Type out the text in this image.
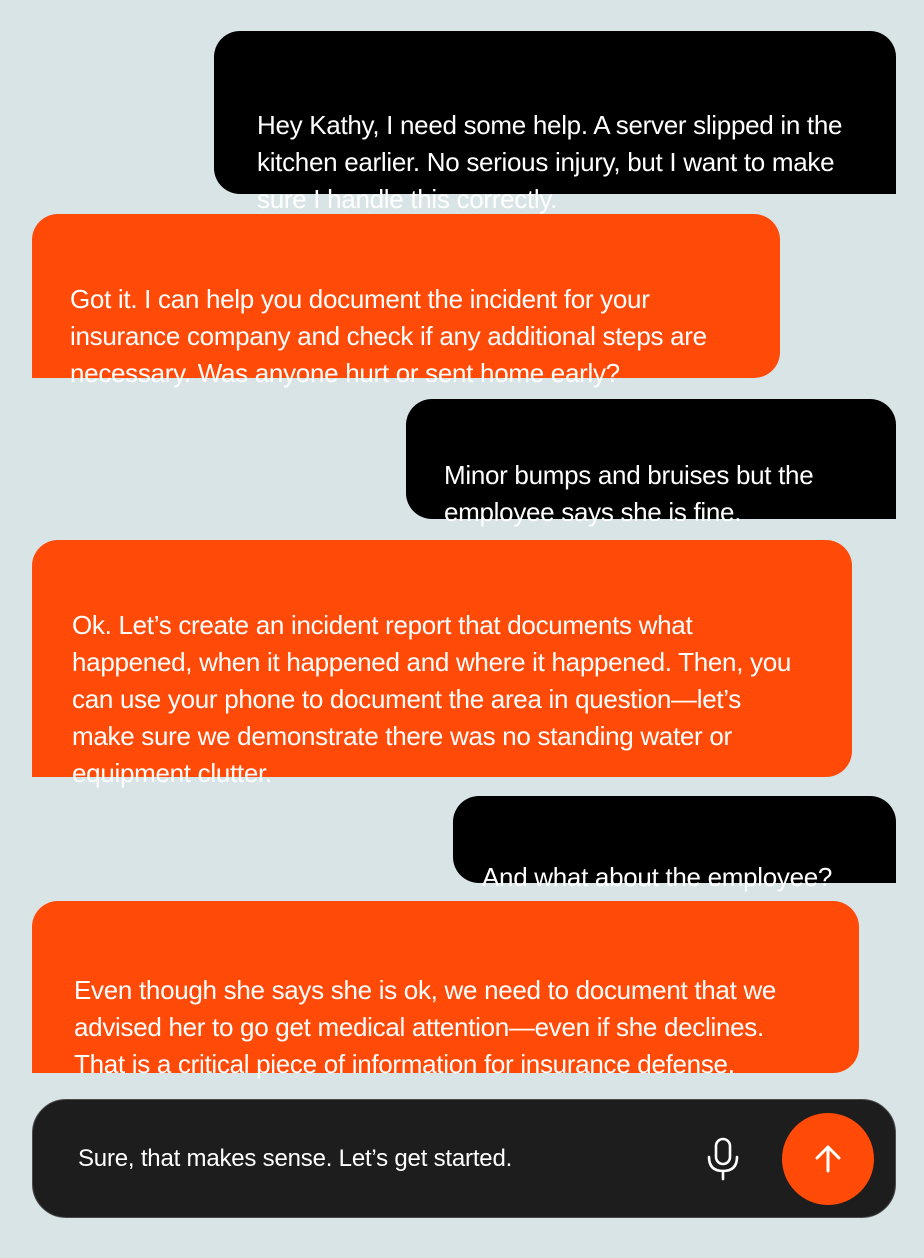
Hey Kathy, I need some help. A server slipped in the
kitchen earlier. No serious injury, but I want to make
sure I handle this correctly.

Got it. I can help you document the incident for your
insurance company and check if any additional steps are
necessary. Was anyone hurt or sent home early?

Minor bumps and bruises but the
employee says she is fine.

Ok. Let’s create an incident report that documents what
happened, when it happened and where it happened. Then, you
can use your phone to document the area in question—let’s
make sure we demonstrate there was no standing water or
equipment clutter.

And what about the employee?

Even though she says she is ok, we need to document that we
advised her to go get medical attention—even if she declines.
That is a critical piece of information for insurance defense.

Sure, that makes sense. Let’s get started.
